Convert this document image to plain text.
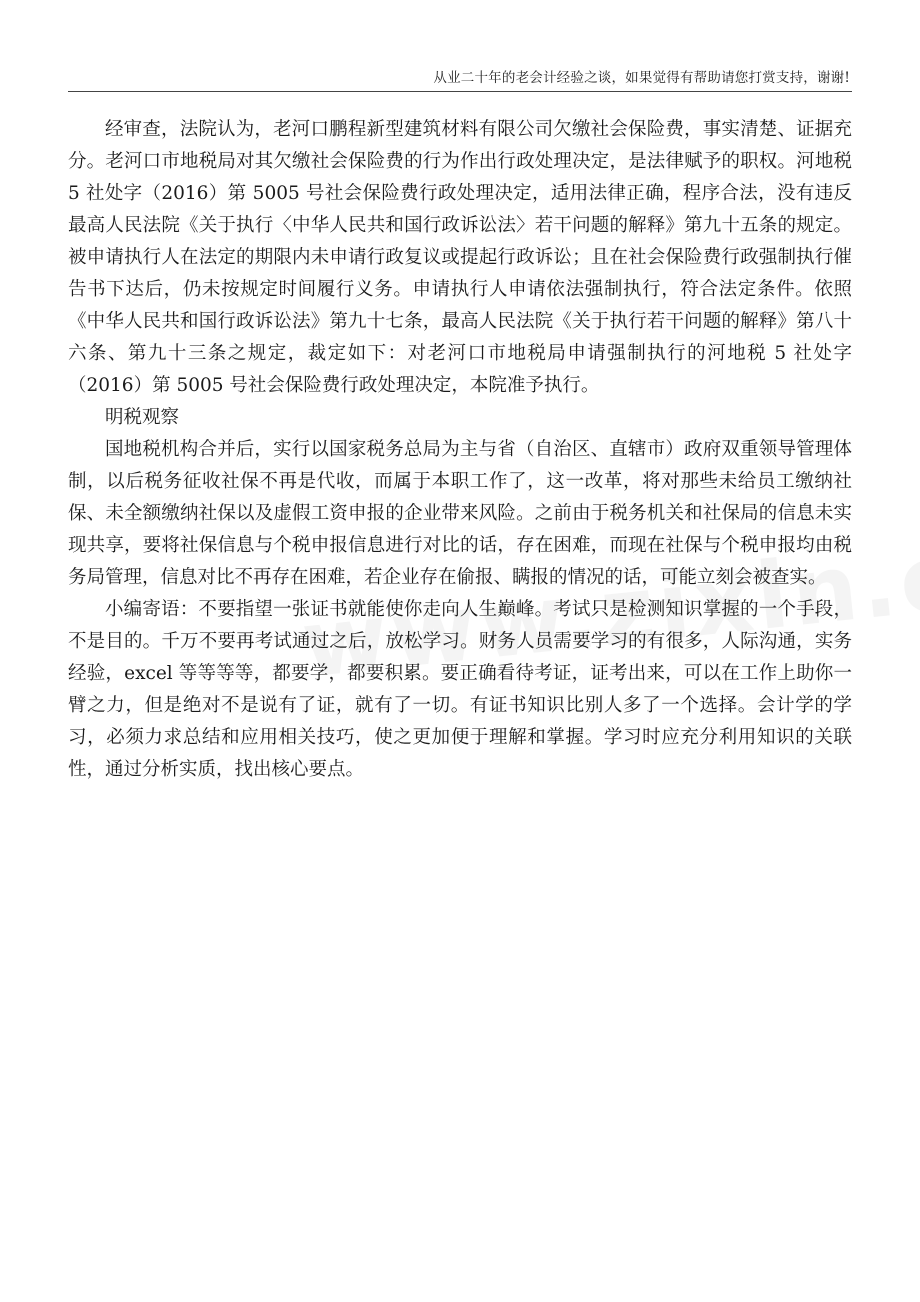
从业二十年的老会计经验之谈，如果觉得有帮助请您打赏支持，谢谢!

经审查，法院认为，老河口鹏程新型建筑材料有限公司欠缴社会保险费，事实清楚、证据充分。老河口市地税局对其欠缴社会保险费的行为作出行政处理决定，是法律赋予的职权。河地税 5 社处字（2016）第 5005 号社会保险费行政处理决定，适用法律正确，程序合法，没有违反最高人民法院《关于执行〈中华人民共和国行政诉讼法〉若干问题的解释》第九十五条的规定。被申请执行人在法定的期限内未申请行政复议或提起行政诉讼；且在社会保险费行政强制执行催告书下达后，仍未按规定时间履行义务。申请执行人申请依法强制执行，符合法定条件。依照《中华人民共和国行政诉讼法》第九十七条，最高人民法院《关于执行若干问题的解释》第八十六条、第九十三条之规定，裁定如下：对老河口市地税局申请强制执行的河地税 5 社处字（2016）第 5005 号社会保险费行政处理决定，本院准予执行。

明税观察

国地税机构合并后，实行以国家税务总局为主与省（自治区、直辖市）政府双重领导管理体制，以后税务征收社保不再是代收，而属于本职工作了，这一改革，将对那些未给员工缴纳社保、未全额缴纳社保以及虚假工资申报的企业带来风险。之前由于税务机关和社保局的信息未实现共享，要将社保信息与个税申报信息进行对比的话，存在困难，而现在社保与个税申报均由税务局管理，信息对比不再存在困难，若企业存在偷报、瞒报的情况的话，可能立刻会被查实。

小编寄语：不要指望一张证书就能使你走向人生巅峰。考试只是检测知识掌握的一个手段，不是目的。千万不要再考试通过之后，放松学习。财务人员需要学习的有很多，人际沟通，实务经验，excel 等等等等，都要学，都要积累。要正确看待考证，证考出来，可以在工作上助你一臂之力，但是绝对不是说有了证，就有了一切。有证书知识比别人多了一个选择。会计学的学习，必须力求总结和应用相关技巧，使之更加便于理解和掌握。学习时应充分利用知识的关联性，通过分析实质，找出核心要点。
